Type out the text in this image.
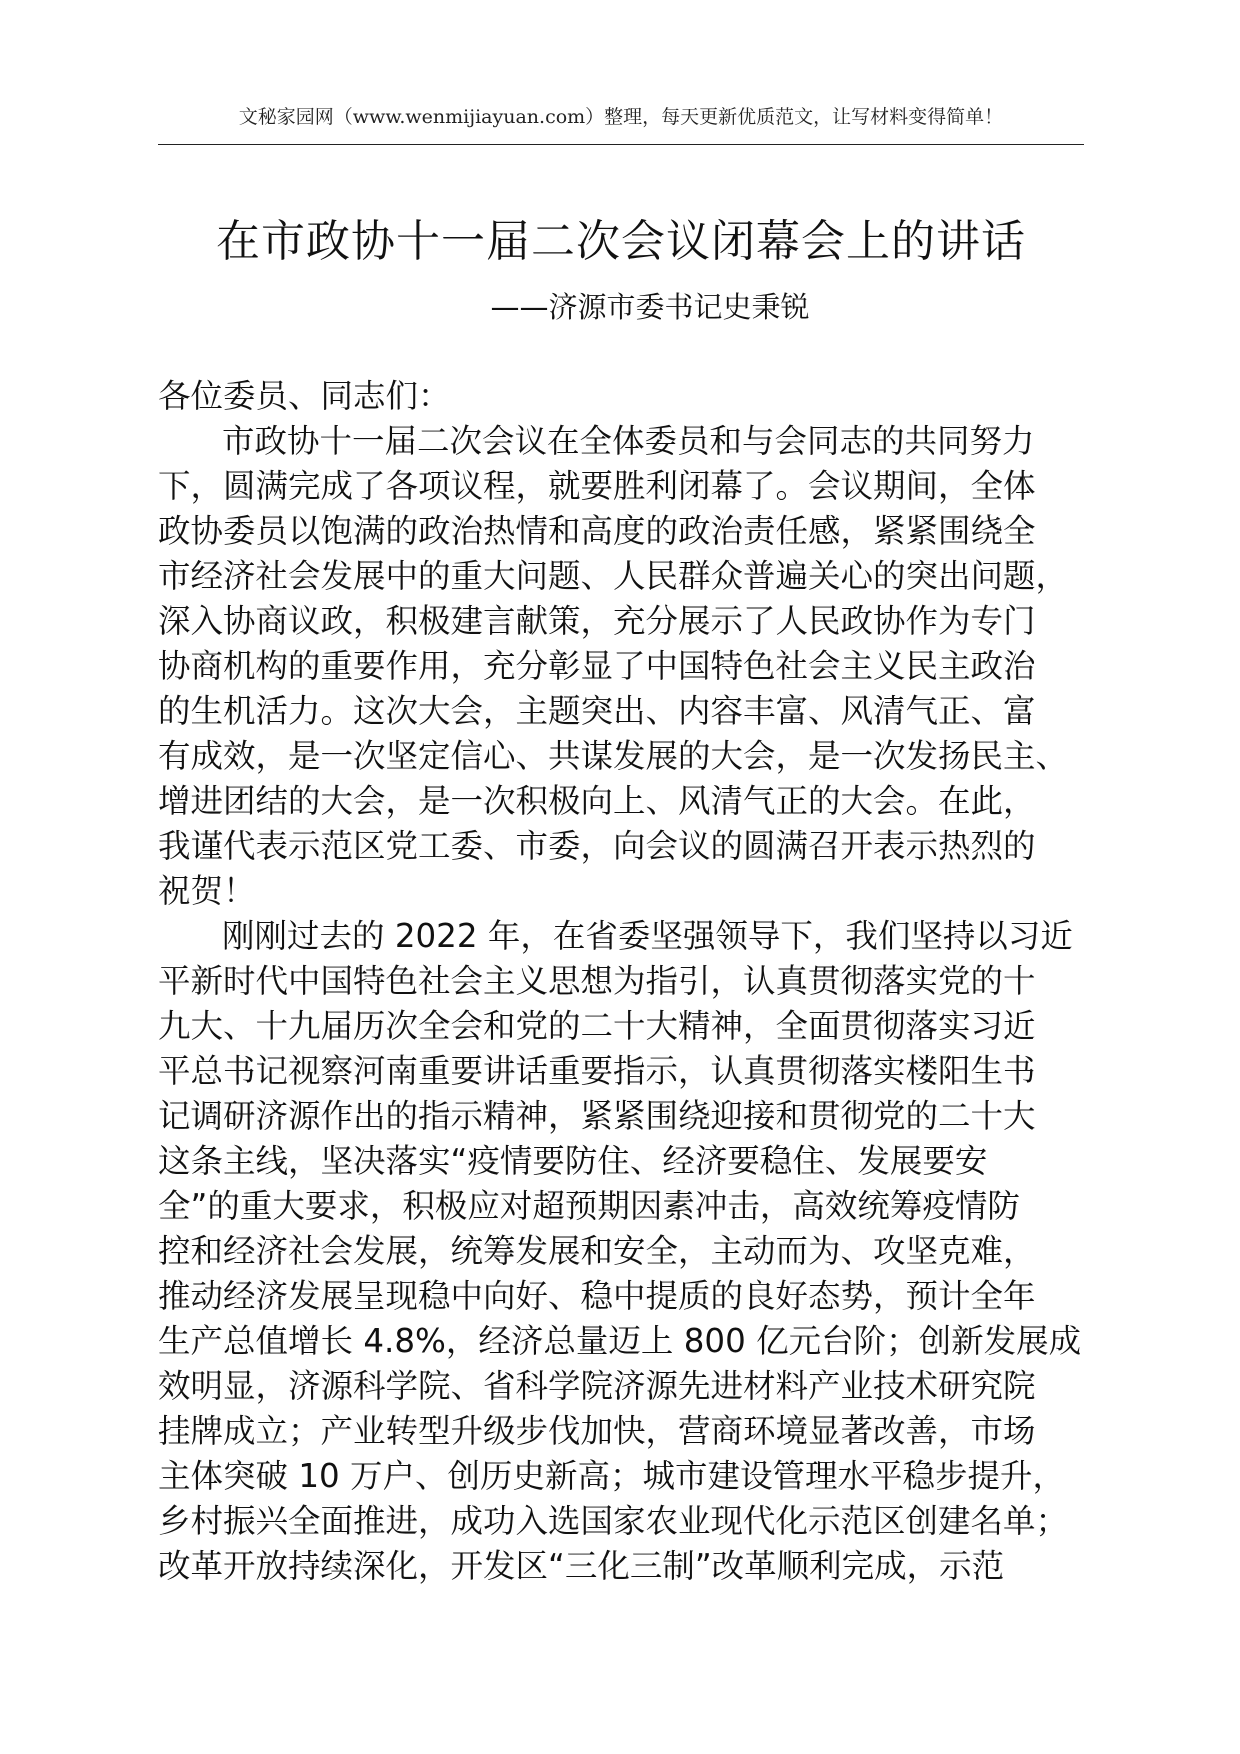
文秘家园网（www.wenmijiayuan.com）整理，每天更新优质范文，让写材料变得简单！
在市政协十一届二次会议闭幕会上的讲话
——济源市委书记史秉锐
各位委员、同志们：
市政协十一届二次会议在全体委员和与会同志的共同努力
下，圆满完成了各项议程，就要胜利闭幕了。会议期间，全体
政协委员以饱满的政治热情和高度的政治责任感，紧紧围绕全
市经济社会发展中的重大问题、人民群众普遍关心的突出问题，
深入协商议政，积极建言献策，充分展示了人民政协作为专门
协商机构的重要作用，充分彰显了中国特色社会主义民主政治
的生机活力。这次大会，主题突出、内容丰富、风清气正、富
有成效，是一次坚定信心、共谋发展的大会，是一次发扬民主、
增进团结的大会，是一次积极向上、风清气正的大会。在此，
我谨代表示范区党工委、市委，向会议的圆满召开表示热烈的
祝贺！
刚刚过去的 2022 年，在省委坚强领导下，我们坚持以习近
平新时代中国特色社会主义思想为指引，认真贯彻落实党的十
九大、十九届历次全会和党的二十大精神，全面贯彻落实习近
平总书记视察河南重要讲话重要指示，认真贯彻落实楼阳生书
记调研济源作出的指示精神，紧紧围绕迎接和贯彻党的二十大
这条主线，坚决落实“疫情要防住、经济要稳住、发展要安
全”的重大要求，积极应对超预期因素冲击，高效统筹疫情防
控和经济社会发展，统筹发展和安全，主动而为、攻坚克难，
推动经济发展呈现稳中向好、稳中提质的良好态势，预计全年
生产总值增长 4.8%，经济总量迈上 800 亿元台阶；创新发展成
效明显，济源科学院、省科学院济源先进材料产业技术研究院
挂牌成立；产业转型升级步伐加快，营商环境显著改善，市场
主体突破 10 万户、创历史新高；城市建设管理水平稳步提升，
乡村振兴全面推进，成功入选国家农业现代化示范区创建名单；
改革开放持续深化，开发区“三化三制”改革顺利完成，示范
